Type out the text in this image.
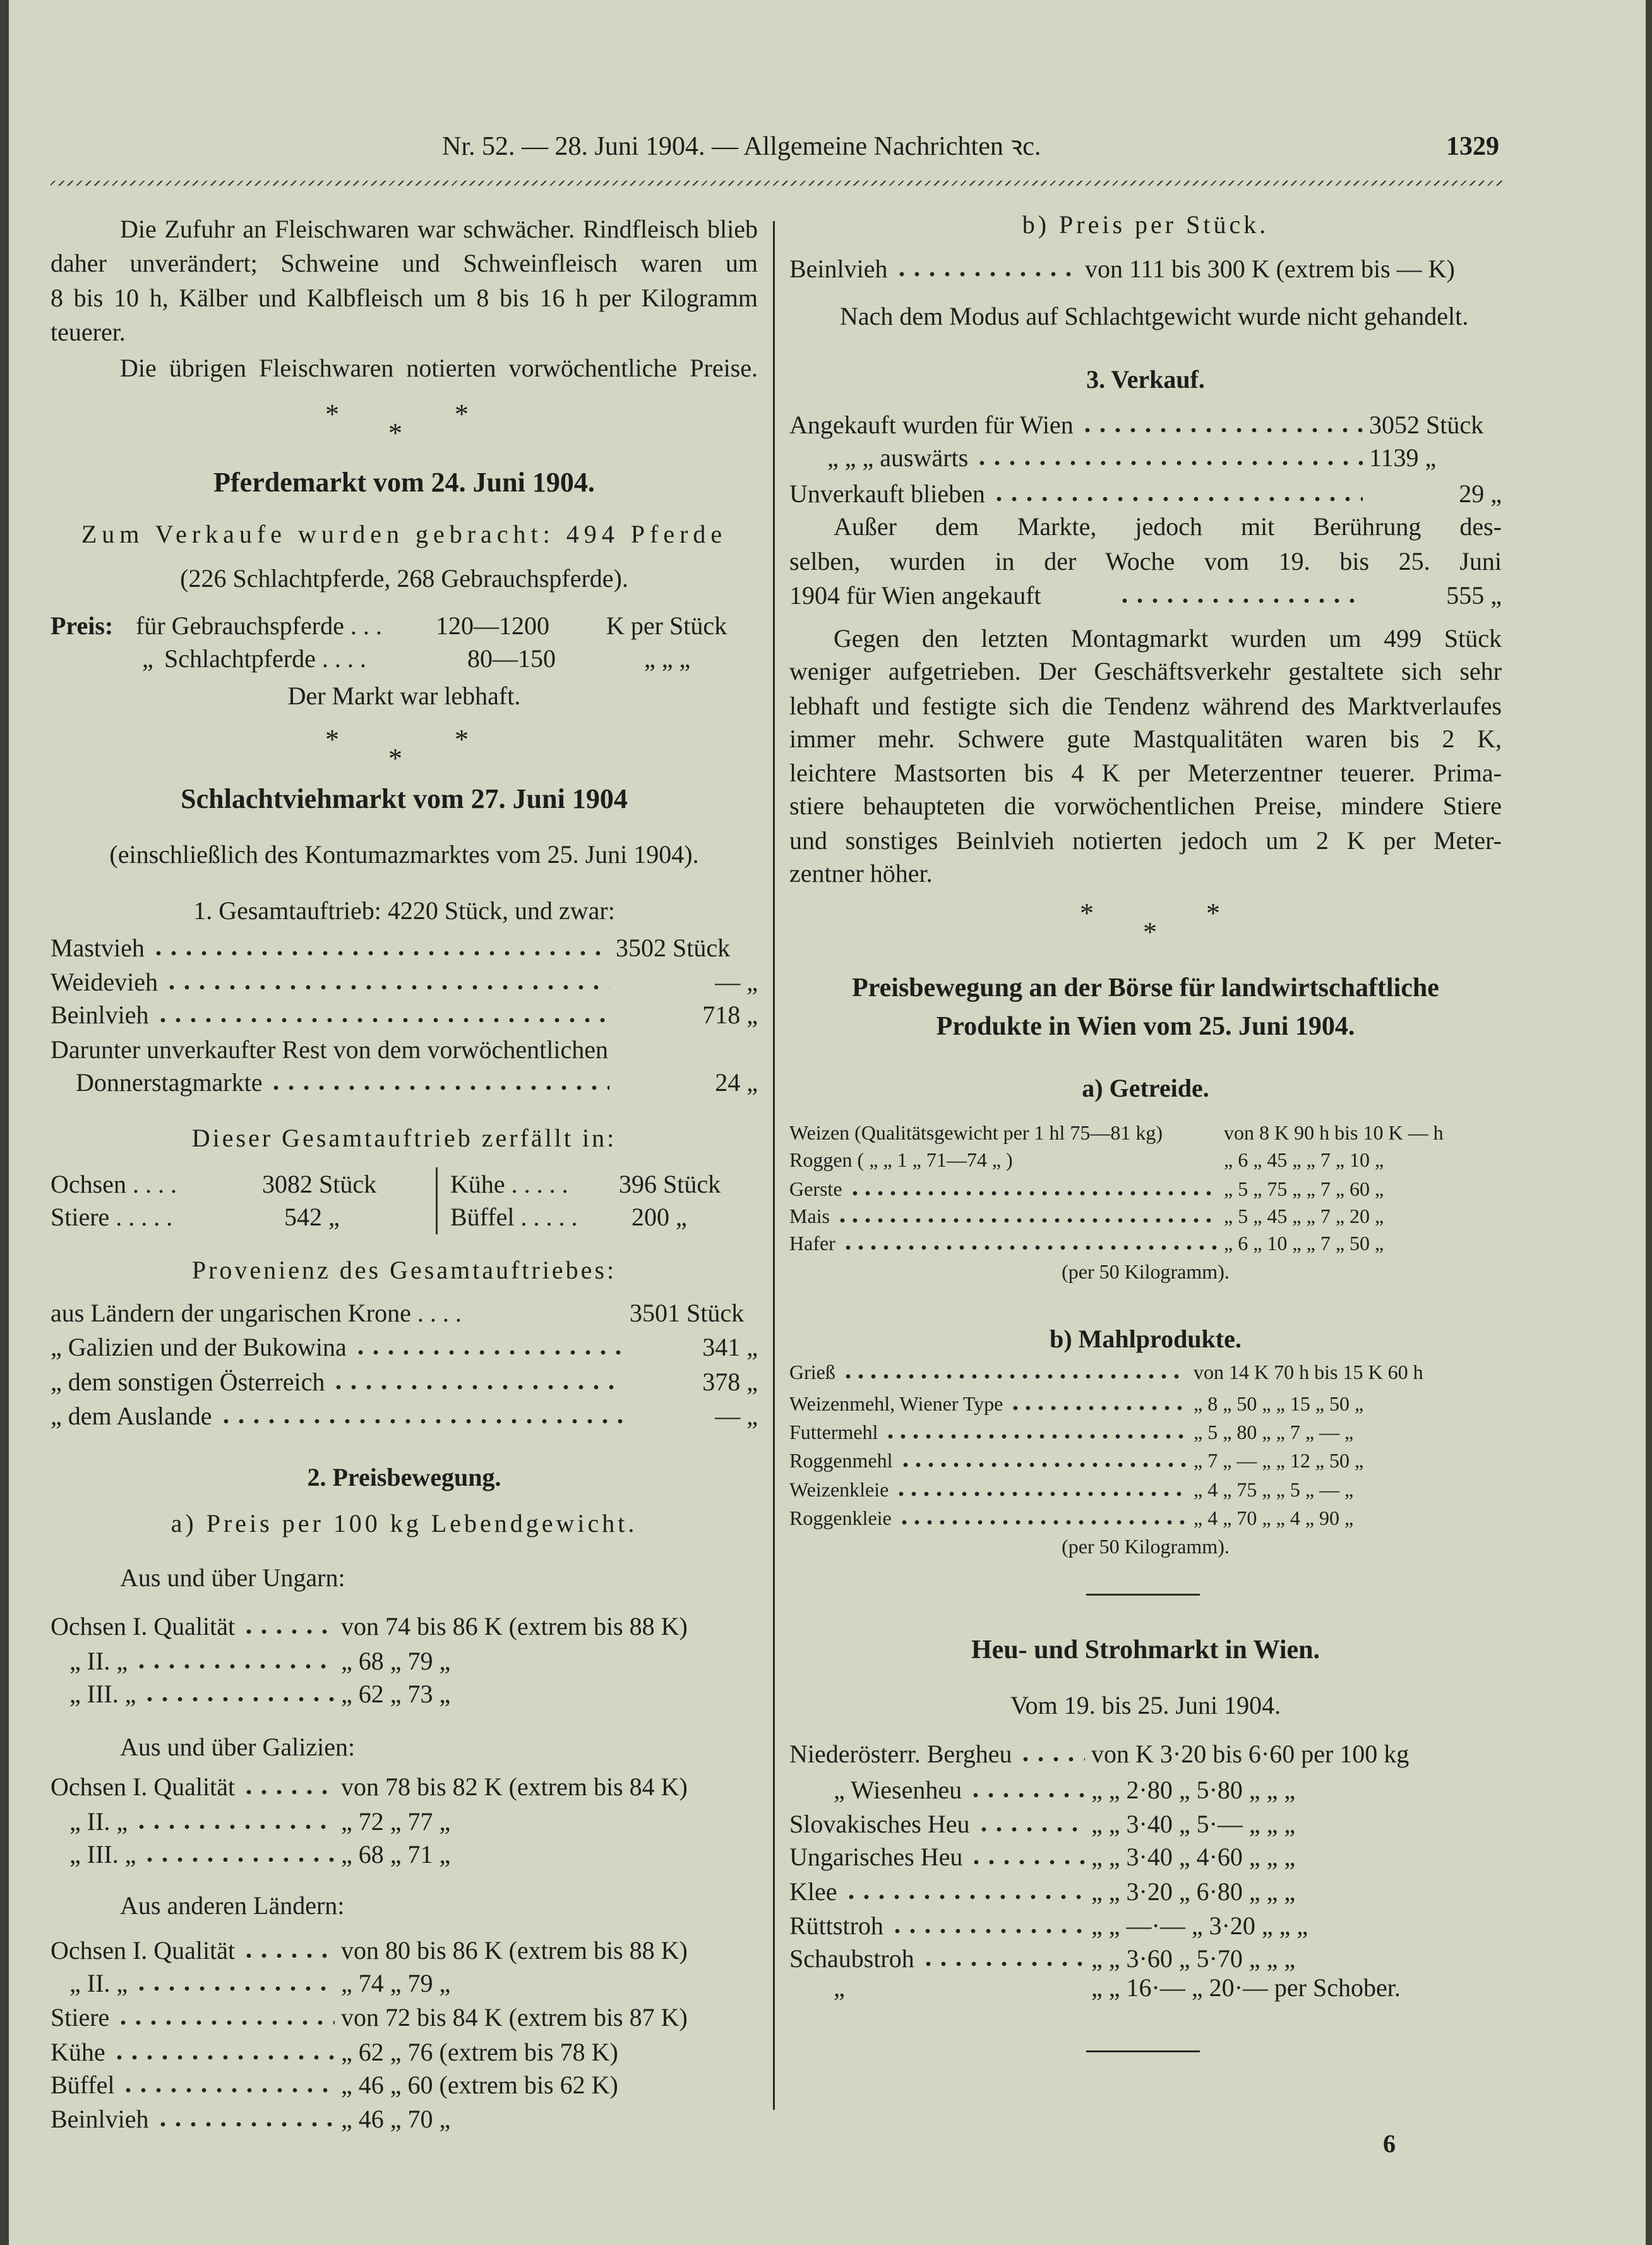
Nr. 52. — 28. Juni 1904. — Allgemeine Nachrichten ꝛc.	1329
Die Zufuhr an Fleischwaren war schwächer. Rindfleisch blieb
daher unverändert; Schweine und Schweinfleisch waren um
8 bis 10 h, Kälber und Kalbfleisch um 8 bis 16 h per Kilogramm
teuerer.
Die übrigen Fleischwaren notierten vorwöchentliche Preise.
*
*
*
Pferdemarkt vom 24. Juni 1904.
Zum Verkaufe wurden gebracht: 494 Pferde
(226 Schlachtpferde, 268 Gebrauchspferde).
Preis: für Gebrauchspferde . . . 120—1200 K per Stück
„ Schlachtpferde . . . .	80—150	„ „ „
Der Markt war lebhaft.
*
*
*
Schlachtviehmarkt vom 27. Juni 1904
(einschließlich des Kontumazmarktes vom 25. Juni 1904).
1. Gesamtauftrieb: 4220 Stück, und zwar:
Mastvieh	3502 Stück
Weidevieh	— „
Beinlvieh	718 „
Darunter unverkaufter Rest von dem vorwöchentlichen
Donnerstagmarkte	24 „
Dieser Gesamtauftrieb zerfällt in:
Ochsen . . . .	3082 Stück	Kühe . . . . . 396 Stück
Stiere . . . . .	542 „	Büffel . . . . . 200 „
Provenienz des Gesamtauftriebes:
aus Ländern der ungarischen Krone . . . .	3501 Stück
„ Galizien und der Bukowina	341 „
„ dem sonstigen Österreich	378 „
„ dem Auslande	— „
2. Preisbewegung.
a) Preis per 100 kg Lebendgewicht.
Aus und über Ungarn:
Ochsen I. Qualität	von 74 bis 86 K (extrem bis 88 K)
„ II. „	„ 68 „ 79 „
„ III. „	„ 62 „ 73 „
Aus und über Galizien:
Ochsen I. Qualität	von 78 bis 82 K (extrem bis 84 K)
„ II. „	„ 72 „ 77 „
„ III. „	„ 68 „ 71 „
Aus anderen Ländern:
Ochsen I. Qualität	von 80 bis 86 K (extrem bis 88 K)
„ II. „	„ 74 „ 79 „
Stiere	von 72 bis 84 K (extrem bis 87 K)
Kühe	„ 62 „ 76 (extrem bis 78 K)
Büffel	„ 46 „ 60 (extrem bis 62 K)
Beinlvieh	„ 46 „ 70 „
b) Preis per Stück.
Beinlvieh	von 111 bis 300 K (extrem bis — K)
Nach dem Modus auf Schlachtgewicht wurde nicht gehandelt.
3. Verkauf.
Angekauft wurden für Wien	3052 Stück
„ „ „ auswärts	1139 „
Unverkauft blieben	29 „
Außer dem Markte, jedoch mit Berührung des-
selben, wurden in der Woche vom 19. bis 25. Juni
1904 für Wien angekauft	555 „
Gegen den letzten Montagmarkt wurden um 499 Stück
weniger aufgetrieben. Der Geschäftsverkehr gestaltete sich sehr
lebhaft und festigte sich die Tendenz während des Marktverlaufes
immer mehr. Schwere gute Mastqualitäten waren bis 2 K,
leichtere Mastsorten bis 4 K per Meterzentner teuerer. Prima-
stiere behaupteten die vorwöchentlichen Preise, mindere Stiere
und sonstiges Beinlvieh notierten jedoch um 2 K per Meter-
zentner höher.
*
*
*
Preisbewegung an der Börse für landwirtschaftliche
Produkte in Wien vom 25. Juni 1904.
a) Getreide.
Weizen (Qualitätsgewicht per 1 hl 75—81 kg)	von 8 K 90 h bis 10 K — h
Roggen ( „ „ 1 „ 71—74 „ )	„ 6 „ 45 „ „ 7 „ 10 „
Gerste	„ 5 „ 75 „ „ 7 „ 60 „
Mais	„ 5 „ 45 „ „ 7 „ 20 „
Hafer	„ 6 „ 10 „ „ 7 „ 50 „
(per 50 Kilogramm).
b) Mahlprodukte.
Grieß	von 14 K 70 h bis 15 K 60 h
Weizenmehl, Wiener Type	„ 8 „ 50 „ „ 15 „ 50 „
Futtermehl	„ 5 „ 80 „ „ 7 „ — „
Roggenmehl	„ 7 „ — „ „ 12 „ 50 „
Weizenkleie	„ 4 „ 75 „ „ 5 „ — „
Roggenkleie	„ 4 „ 70 „ „ 4 „ 90 „
(per 50 Kilogramm).
Heu- und Strohmarkt in Wien.
Vom 19. bis 25. Juni 1904.
Niederösterr. Bergheu	von K 3·20 bis 6·60 per 100 kg
„ Wiesenheu	„ „ 2·80 „ 5·80 „ „ „
Slovakisches Heu	„ „ 3·40 „ 5·— „ „ „
Ungarisches Heu	„ „ 3·40 „ 4·60 „ „ „
Klee	„ „ 3·20 „ 6·80 „ „ „
Rüttstroh	„ „ —·— „ 3·20 „ „ „
Schaubstroh	„ „ 3·60 „ 5·70 „ „ „
„	„ „ 16·— „ 20·— per Schober.
6
